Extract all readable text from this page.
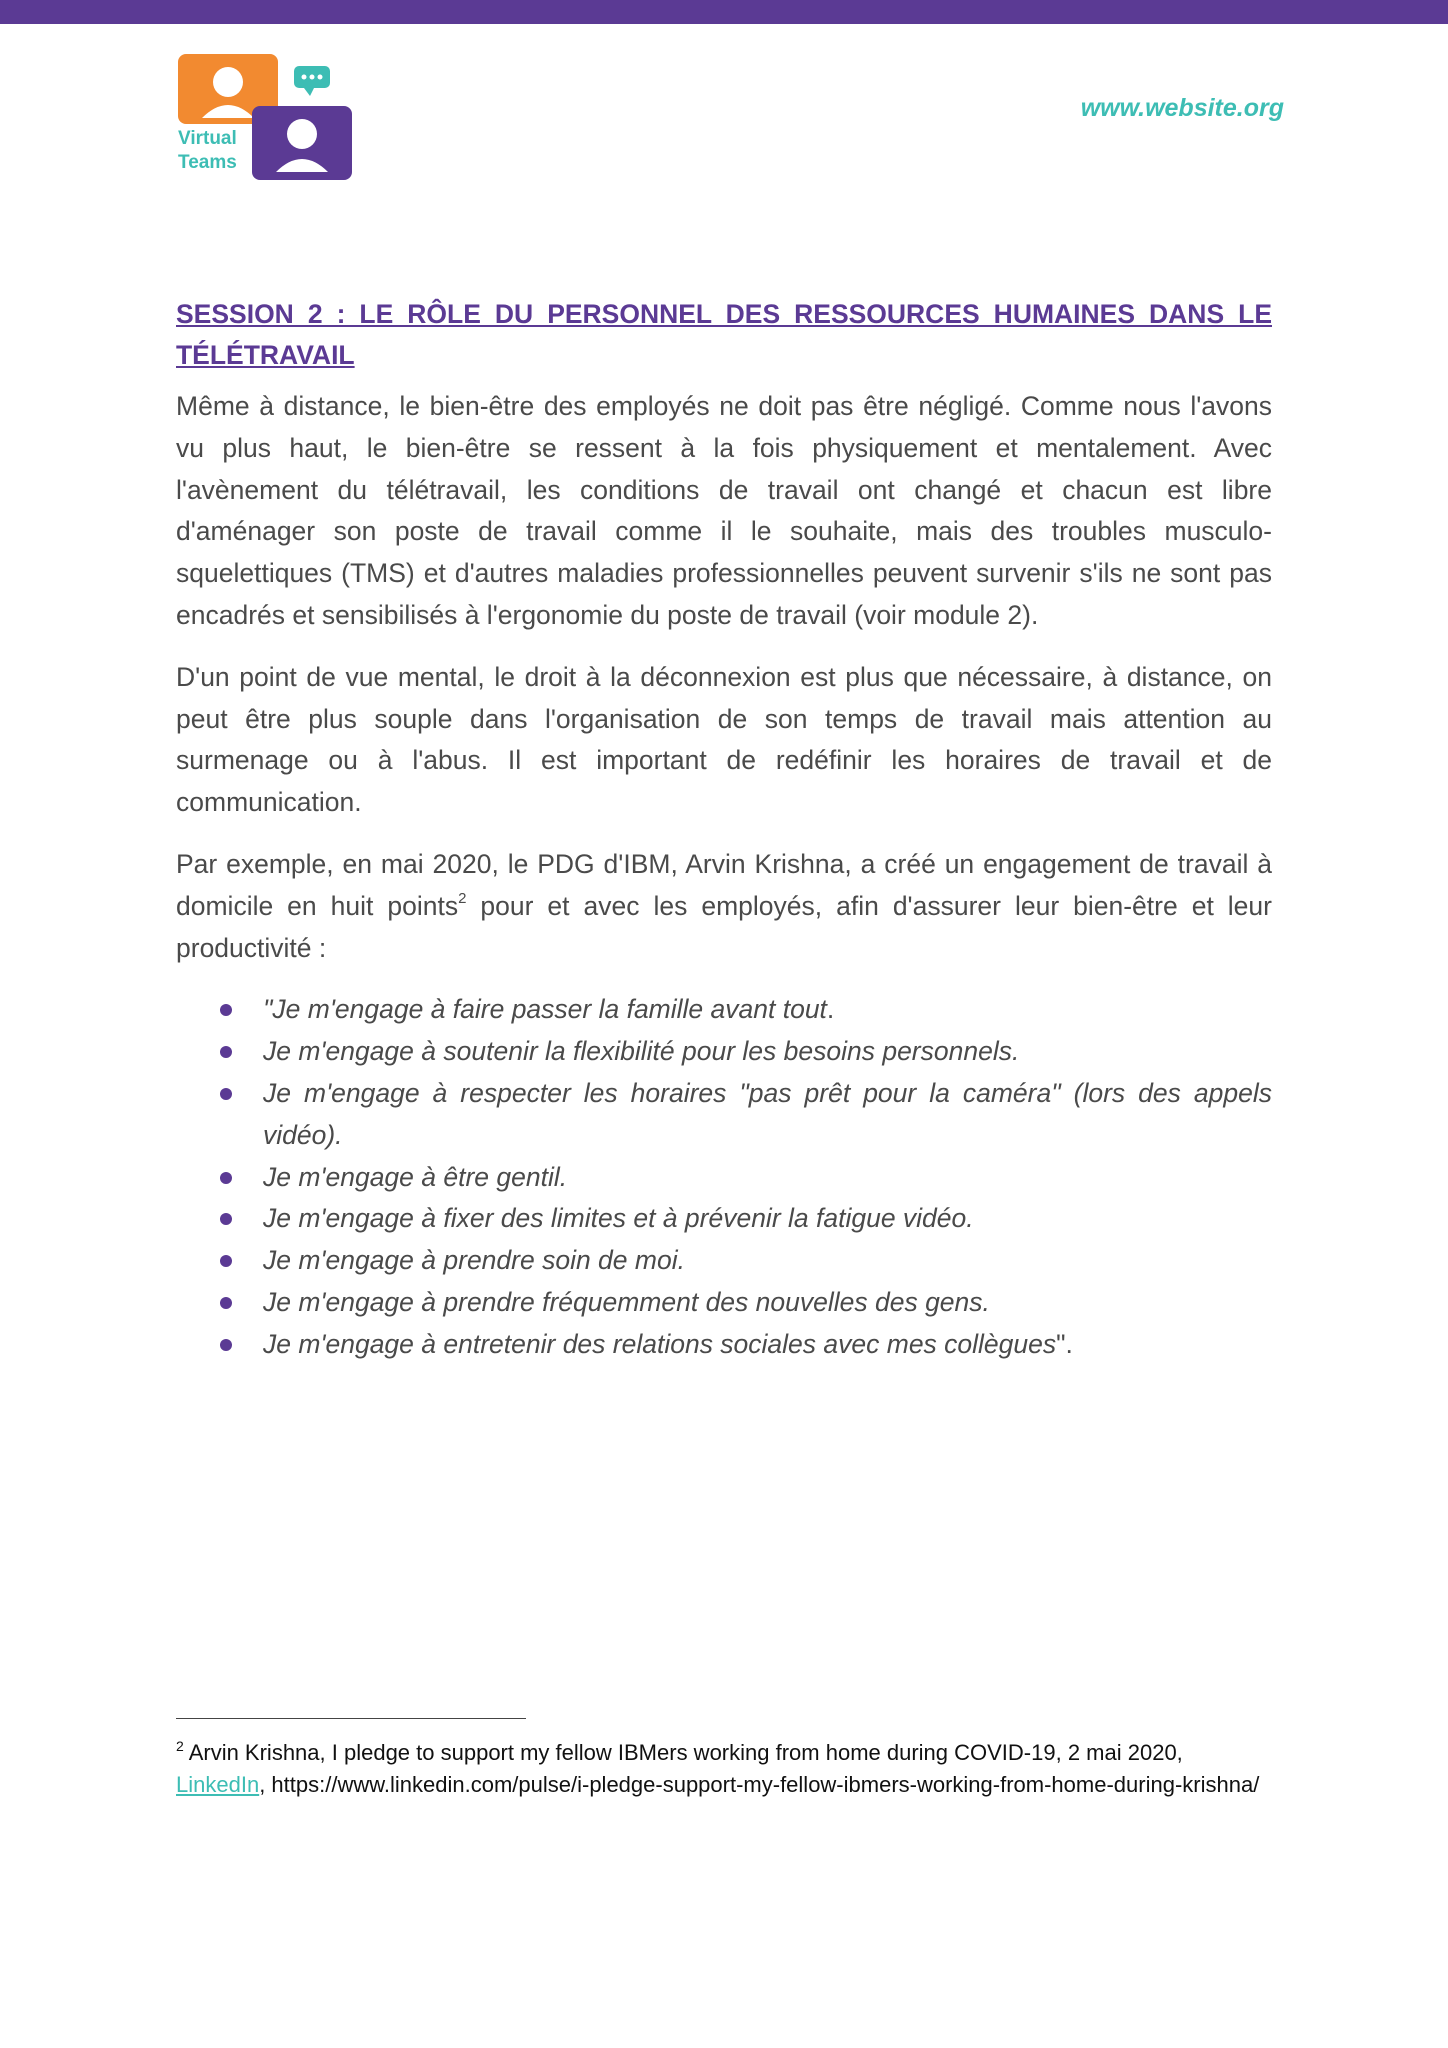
Virtual
Teams
www.website.org
SESSION 2 : LE RÔLE DU PERSONNEL DES RESSOURCES HUMAINES DANS LE TÉLÉTRAVAIL

Même à distance, le bien-être des employés ne doit pas être négligé. Comme nous l'avons vu plus haut, le bien-être se ressent à la fois physiquement et mentalement. Avec l'avènement du télétravail, les conditions de travail ont changé et chacun est libre d'aménager son poste de travail comme il le souhaite, mais des troubles musculo-squelettiques (TMS) et d'autres maladies professionnelles peuvent survenir s'ils ne sont pas encadrés et sensibilisés à l'ergonomie du poste de travail (voir module 2).

D'un point de vue mental, le droit à la déconnexion est plus que nécessaire, à distance, on peut être plus souple dans l'organisation de son temps de travail mais attention au surmenage ou à l'abus. Il est important de redéfinir les horaires de travail et de communication.

Par exemple, en mai 2020, le PDG d'IBM, Arvin Krishna, a créé un engagement de travail à domicile en huit points$^2$ pour et avec les employés, afin d'assurer leur bien-être et leur productivité :

"Je m'engage à faire passer la famille avant tout.
Je m'engage à soutenir la flexibilité pour les besoins personnels.
Je m'engage à respecter les horaires "pas prêt pour la caméra" (lors des appels vidéo).
Je m'engage à être gentil.
Je m'engage à fixer des limites et à prévenir la fatigue vidéo.
Je m'engage à prendre soin de moi.
Je m'engage à prendre fréquemment des nouvelles des gens.
Je m'engage à entretenir des relations sociales avec mes collègues".
$^2$ Arvin Krishna, I pledge to support my fellow IBMers working from home during COVID-19, 2 mai 2020, LinkedIn, https://www.linkedin.com/pulse/i-pledge-support-my-fellow-ibmers-working-from-home-during-krishna/
